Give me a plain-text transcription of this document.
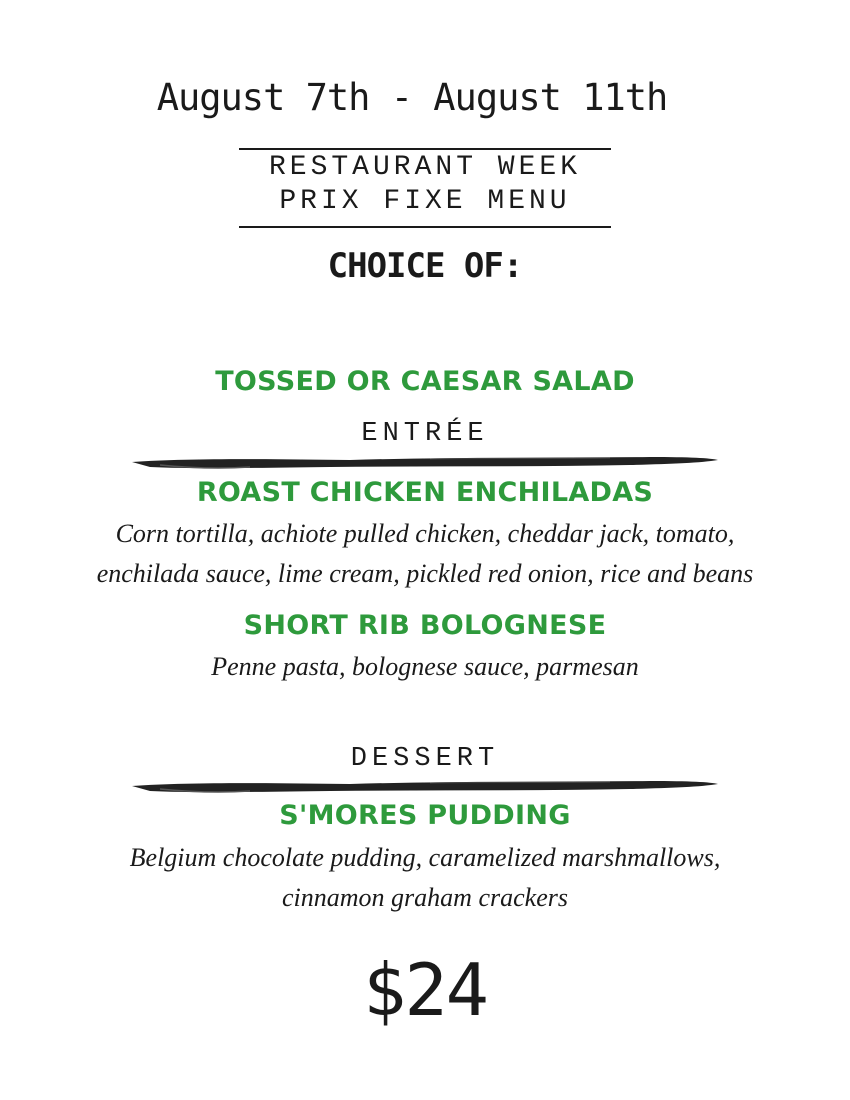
August 7th - August 11th
RESTAURANT WEEK
PRIX FIXE MENU
CHOICE OF:
TOSSED OR CAESAR SALAD
ENTRÉE
ROAST CHICKEN ENCHILADAS
Corn tortilla, achiote pulled chicken, cheddar jack, tomato,
enchilada sauce, lime cream, pickled red onion, rice and beans
SHORT RIB BOLOGNESE
Penne pasta, bolognese sauce, parmesan
DESSERT
S'MORES PUDDING
Belgium chocolate pudding, caramelized marshmallows,
cinnamon graham crackers
$24
